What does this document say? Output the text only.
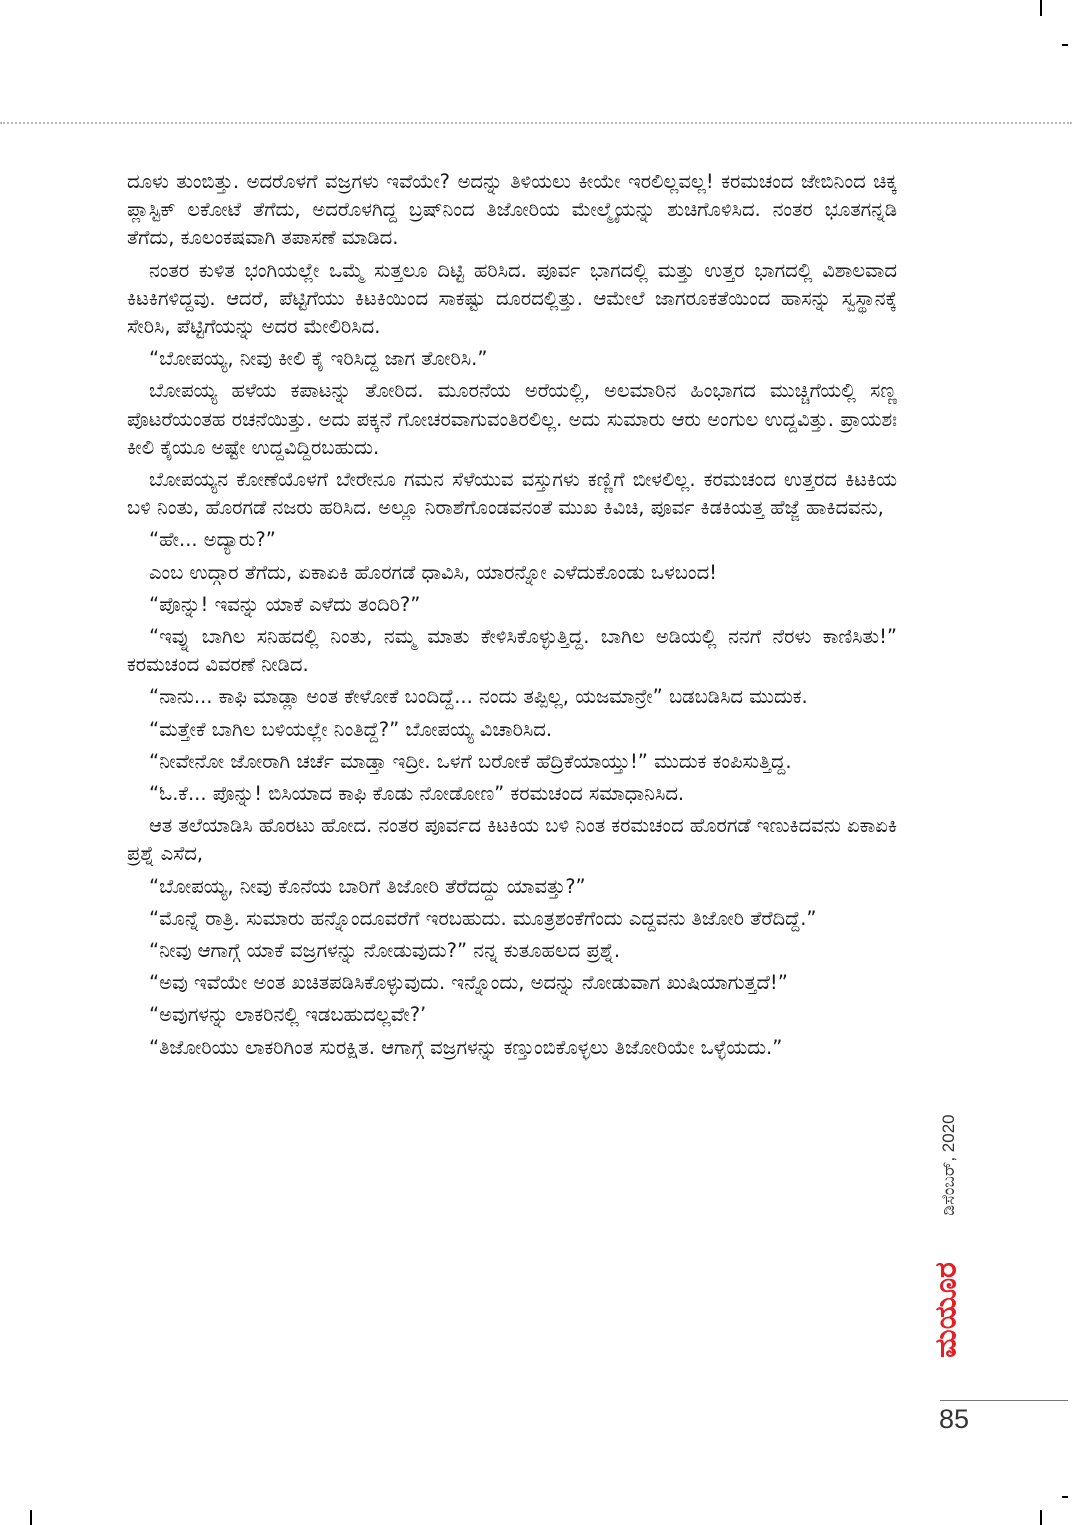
ದೂಳು ತುಂಬಿತ್ತು. ಅದರೊಳಗೆ ವಜ್ರಗಳು ಇವೆಯೇ? ಅದನ್ನು ತಿಳಿಯಲು ಕೀಯೇ ಇರಲಿಲ್ಲವಲ್ಲ! ಕರಮಚಂದ ಜೇಬಿನಿಂದ ಚಿಕ್ಕ ಪ್ಲಾಸ್ಟಿಕ್ ಲಕೋಟೆ ತೆಗೆದು, ಅದರೊಳಗಿದ್ದ ಬ್ರಷ್‌ನಿಂದ ತಿಜೋರಿಯ ಮೇಲ್ಮೈಯನ್ನು ಶುಚಿಗೊಳಿಸಿದ. ನಂತರ ಭೂತಗನ್ನಡಿ ತೆಗೆದು, ಕೂಲಂಕಷವಾಗಿ ತಪಾಸಣೆ ಮಾಡಿದ.

ನಂತರ ಕುಳಿತ ಭಂಗಿಯಲ್ಲೇ ಒಮ್ಮೆ ಸುತ್ತಲೂ ದಿಟ್ಟಿ ಹರಿಸಿದ. ಪೂರ್ವ ಭಾಗದಲ್ಲಿ ಮತ್ತು ಉತ್ತರ ಭಾಗದಲ್ಲಿ ವಿಶಾಲವಾದ ಕಿಟಕಿಗಳಿದ್ದವು. ಆದರೆ, ಪೆಟ್ಟಿಗೆಯು ಕಿಟಕಿಯಿಂದ ಸಾಕಷ್ಟು ದೂರದಲ್ಲಿತ್ತು. ಆಮೇಲೆ ಜಾಗರೂಕತೆಯಿಂದ ಹಾಸನ್ನು ಸ್ವಸ್ಥಾನಕ್ಕೆ ಸೇರಿಸಿ, ಪೆಟ್ಟಿಗೆಯನ್ನು ಅದರ ಮೇಲಿರಿಸಿದ.

“ಬೋಪಯ್ಯ, ನೀವು ಕೀಲಿ ಕೈ ಇರಿಸಿದ್ದ ಜಾಗ ತೋರಿಸಿ.”

ಬೋಪಯ್ಯ ಹಳೆಯ ಕಪಾಟನ್ನು ತೋರಿದ. ಮೂರನೆಯ ಅರೆಯಲ್ಲಿ, ಅಲಮಾರಿನ ಹಿಂಭಾಗದ ಮುಚ್ಚಿಗೆಯಲ್ಲಿ ಸಣ್ಣ ಪೊಟರೆಯಂತಹ ರಚನೆಯಿತ್ತು. ಅದು ಪಕ್ಕನೆ ಗೋಚರವಾಗುವಂತಿರಲಿಲ್ಲ. ಅದು ಸುಮಾರು ಆರು ಅಂಗುಲ ಉದ್ದವಿತ್ತು. ಪ್ರಾಯಶಃ ಕೀಲಿ ಕೈಯೂ ಅಷ್ಟೇ ಉದ್ದವಿದ್ದಿರಬಹುದು.

ಬೋಪಯ್ಯನ ಕೋಣೆಯೊಳಗೆ ಬೇರೇನೂ ಗಮನ ಸೆಳೆಯುವ ವಸ್ತುಗಳು ಕಣ್ಣಿಗೆ ಬೀಳಲಿಲ್ಲ. ಕರಮಚಂದ ಉತ್ತರದ ಕಿಟಕಿಯ ಬಳಿ ನಿಂತು, ಹೊರಗಡೆ ನಜರು ಹರಿಸಿದ. ಅಲ್ಲೂ ನಿರಾಶೆಗೊಂಡವನಂತೆ ಮುಖ ಕಿವಿಚಿ, ಪೂರ್ವ ಕಿಡಕಿಯತ್ತ ಹೆಜ್ಜೆ ಹಾಕಿದವನು,

“ಹೇ... ಅದ್ಯಾರು?”

ಎಂಬ ಉದ್ಗಾರ ತೆಗೆದು, ಏಕಾಏಕಿ ಹೊರಗಡೆ ಧಾವಿಸಿ, ಯಾರನ್ನೋ ಎಳೆದುಕೊಂಡು ಒಳಬಂದ!

“ಪೊನ್ನು! ಇವನ್ನು ಯಾಕೆ ಎಳೆದು ತಂದಿರಿ?”

“ಇವ್ನು ಬಾಗಿಲ ಸನಿಹದಲ್ಲಿ ನಿಂತು, ನಮ್ಮ ಮಾತು ಕೇಳಿಸಿಕೊಳ್ಳುತ್ತಿದ್ದ. ಬಾಗಿಲ ಅಡಿಯಲ್ಲಿ ನನಗೆ ನೆರಳು ಕಾಣಿಸಿತು!” ಕರಮಚಂದ ವಿವರಣೆ ನೀಡಿದ.

“ನಾನು... ಕಾಫಿ ಮಾಡ್ಲಾ ಅಂತ ಕೇಳೋಕೆ ಬಂದಿದ್ದೆ... ನಂದು ತಪ್ಪಿಲ್ಲ, ಯಜಮಾನ್ರೇ” ಬಡಬಡಿಸಿದ ಮುದುಕ.

“ಮತ್ತೇಕೆ ಬಾಗಿಲ ಬಳಿಯಲ್ಲೇ ನಿಂತಿದ್ದೆ?” ಬೋಪಯ್ಯ ವಿಚಾರಿಸಿದ.

“ನೀವೇನೋ ಜೋರಾಗಿ ಚರ್ಚೆ ಮಾಡ್ತಾ ಇದ್ರೀ. ಒಳಗೆ ಬರೋಕೆ ಹೆದ್ರಿಕೆಯಾಯ್ತು!” ಮುದುಕ ಕಂಪಿಸುತ್ತಿದ್ದ.

“ಓ.ಕೆ... ಪೊನ್ನು! ಬಿಸಿಯಾದ ಕಾಫಿ ಕೊಡು ನೋಡೋಣ” ಕರಮಚಂದ ಸಮಾಧಾನಿಸಿದ.

ಆತ ತಲೆಯಾಡಿಸಿ ಹೊರಟು ಹೋದ. ನಂತರ ಪೂರ್ವದ ಕಿಟಕಿಯ ಬಳಿ ನಿಂತ ಕರಮಚಂದ ಹೊರಗಡೆ ಇಣುಕಿದವನು ಏಕಾಏಕಿ ಪ್ರಶ್ನೆ ಎಸೆದ,

“ಬೋಪಯ್ಯ, ನೀವು ಕೊನೆಯ ಬಾರಿಗೆ ತಿಜೋರಿ ತೆರೆದದ್ದು ಯಾವತ್ತು?”

“ಮೊನ್ನೆ ರಾತ್ರಿ. ಸುಮಾರು ಹನ್ನೊಂದೂವರೆಗೆ ಇರಬಹುದು. ಮೂತ್ರಶಂಕೆಗೆಂದು ಎದ್ದವನು ತಿಜೋರಿ ತೆರೆದಿದ್ದೆ.”

“ನೀವು ಆಗಾಗ್ಗೆ ಯಾಕೆ ವಜ್ರಗಳನ್ನು ನೋಡುವುದು?” ನನ್ನ ಕುತೂಹಲದ ಪ್ರಶ್ನೆ.

“ಅವು ಇವೆಯೇ ಅಂತ ಖಚಿತಪಡಿಸಿಕೊಳ್ಳುವುದು. ಇನ್ನೊಂದು, ಅದನ್ನು ನೋಡುವಾಗ ಖುಷಿಯಾಗುತ್ತದೆ!”

“ಅವುಗಳನ್ನು ಲಾಕರಿನಲ್ಲಿ ಇಡಬಹುದಲ್ಲವೇ?’

“ತಿಜೋರಿಯು ಲಾಕರಿಗಿಂತ ಸುರಕ್ಷಿತ. ಆಗಾಗ್ಗೆ ವಜ್ರಗಳನ್ನು ಕಣ್ತುಂಬಿಕೊಳ್ಳಲು ತಿಜೋರಿಯೇ ಒಳ್ಳೆಯದು.”

ಡಿಸೆಂಬರ್, 2020
ಮಯೂರ
85
